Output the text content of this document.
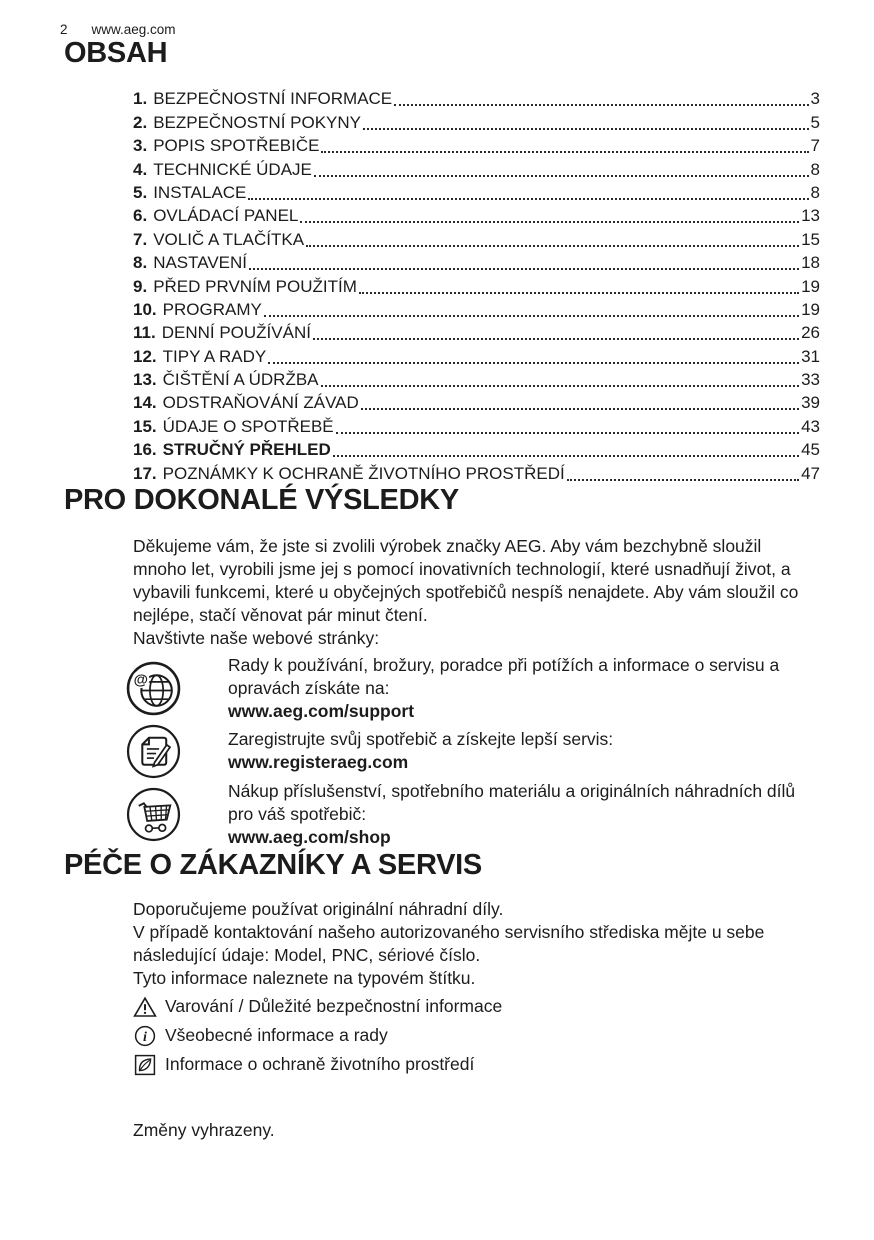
2 www.aeg.com
OBSAH
1. BEZPEČNOSTNÍ INFORMACE	3
2. BEZPEČNOSTNÍ POKYNY	5
3. POPIS SPOTŘEBIČE	7
4. TECHNICKÉ ÚDAJE	8
5. INSTALACE	8
6. OVLÁDACÍ PANEL	13
7. VOLIČ A TLAČÍTKA	15
8. NASTAVENÍ	18
9. PŘED PRVNÍM POUŽITÍM	19
10. PROGRAMY	19
11. DENNÍ POUŽÍVÁNÍ	26
12. TIPY A RADY	31
13. ČIŠTĚNÍ A ÚDRŽBA	33
14. ODSTRAŇOVÁNÍ ZÁVAD	39
15. ÚDAJE O SPOTŘEBĚ	43
16. STRUČNÝ PŘEHLED	45
17. POZNÁMKY K OCHRANĚ ŽIVOTNÍHO PROSTŘEDÍ	47
PRO DOKONALÉ VÝSLEDKY

Děkujeme vám, že jste si zvolili výrobek značky AEG. Aby vám bezchybně sloužil mnoho let, vyrobili jsme jej s pomocí inovativních technologií, které usnadňují život, a vybavili funkcemi, které u obyčejných spotřebičů nespíš nenajdete. Aby vám sloužil co nejlépe, stačí věnovat pár minut čtení.

Navštivte naše webové stránky:

@

Rady k používání, brožury, poradce při potížích a informace o servisu a opravách získáte na:

www.aeg.com/support

Zaregistrujte svůj spotřebič a získejte lepší servis:

www.registeraeg.com

Nákup příslušenství, spotřebního materiálu a originálních náhradních dílů pro váš spotřebič:

www.aeg.com/shop

PÉČE O ZÁKAZNÍKY A SERVIS

Doporučujeme používat originální náhradní díly.

V případě kontaktování našeho autorizovaného servisního střediska mějte u sebe následující údaje: Model, PNC, sériové číslo.

Tyto informace naleznete na typovém štítku.

Varování / Důležité bezpečnostní informace
i Všeobecné informace a rady
Informace o ochraně životního prostředí

Změny vyhrazeny.
